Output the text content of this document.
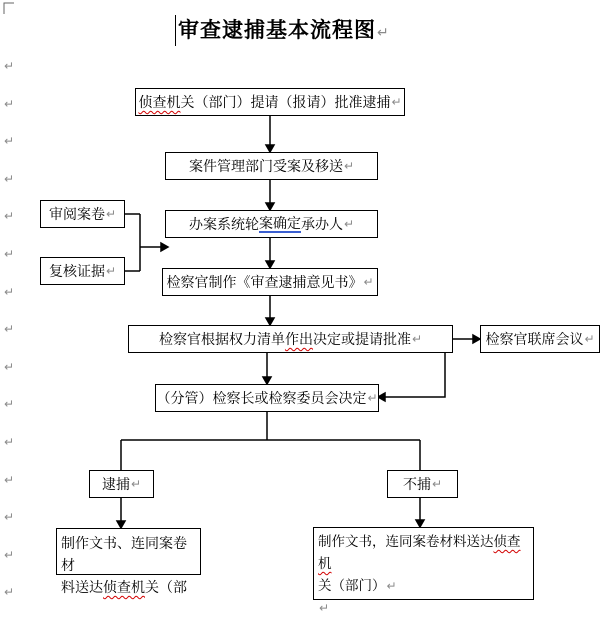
↵
↵
↵
↵
↵
↵
↵
↵
↵
↵
↵
↵
↵
↵
↵
审查逮捕基本流程图↵
侦查机 关（部门）提请（报请）批准逮捕 ↵
案件管理部门受案及移送 ↵
办案系统轮 案确定 承办人 ↵
检察官制作《审查逮捕意见书》 ↵
检察官根据权力清单 作出 决定或提请批准 ↵	检察官联席会议 ↵
（分管）检察长或检察委员会决定 ↵
审阅案卷 ↵
复核证据 ↵
逮捕 ↵	不捕 ↵
制作文书、连同案卷材
料送达侦查机关（部
制作文书，连同案卷材料送达侦查机
关（部门）↵
↵
